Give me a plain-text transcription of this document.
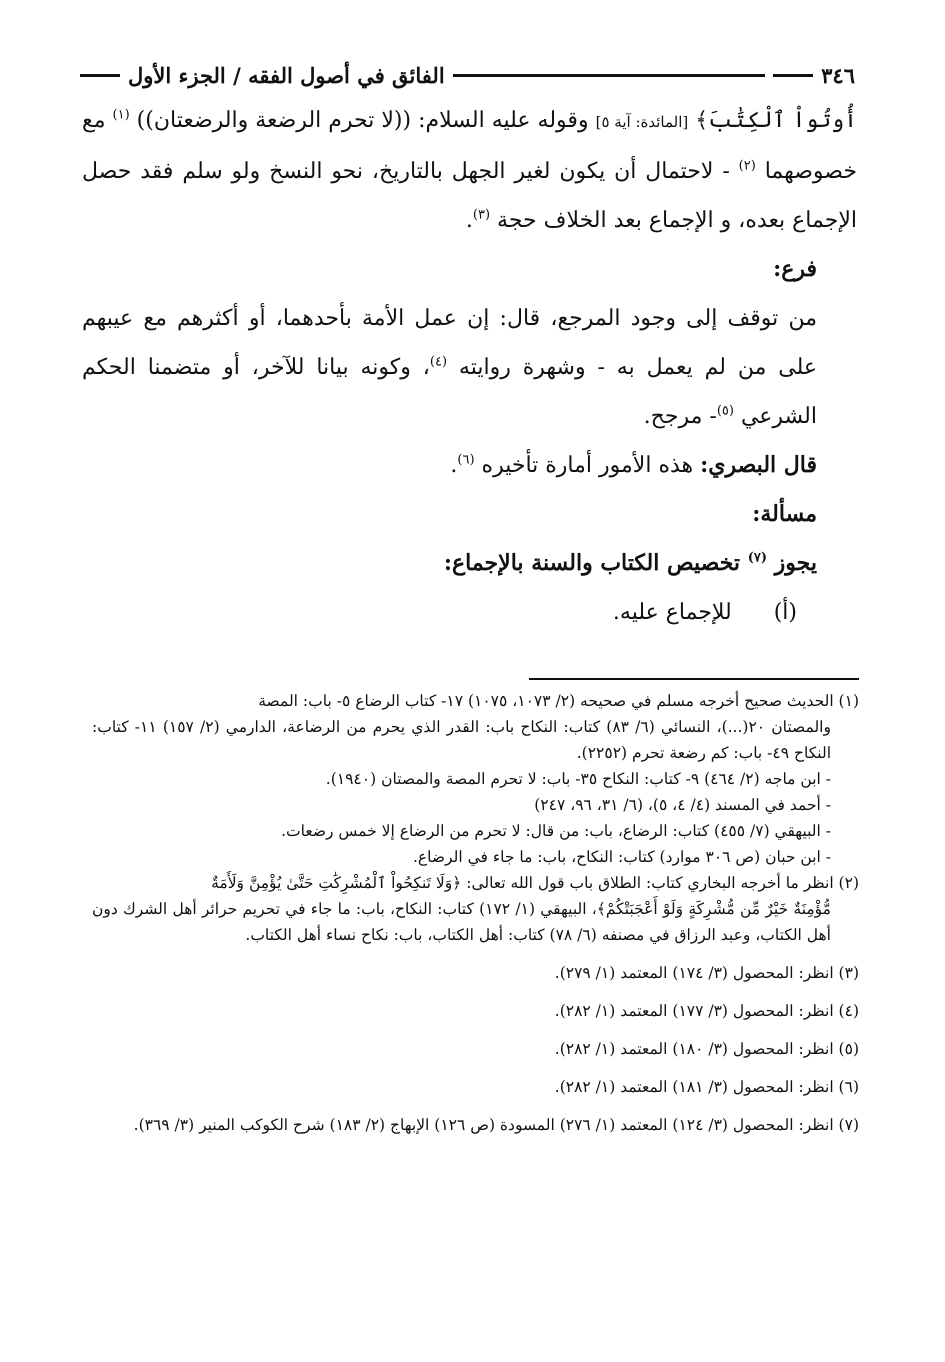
٣٤٦
الفائق في أصول الفقه / الجزء الأول

أُوتُواْ ٱلْكِتَٰبَ﴾ [المائدة: آية ٥] وقوله عليه السلام: ((لا تحرم الرضعة والرضعتان)) $^{(١)}$ مع خصوصهما $^{(٢)}$ - لاحتمال أن يكون لغير الجهل بالتاريخ، نحو النسخ ولو سلم فقد حصل الإجماع بعده، و الإجماع بعد الخلاف حجة $^{(٣)}$.

فرع:

من توقف إلى وجود المرجع، قال: إن عمل الأمة بأحدهما، أو أكثرهم مع عيبهم على من لم يعمل به - وشهرة روايته $^{(٤)}$، وكونه بيانا للآخر، أو متضمنا الحكم الشرعي $^{(٥)}$- مرجح.

قال البصري: هذه الأمور أمارة تأخيره $^{(٦)}$.

مسألة:

يجوز $^{(٧)}$ تخصيص الكتاب والسنة بالإجماع:

(أ)  للإجماع عليه.

(١) الحديث صحيح أخرجه مسلم في صحيحه (٢/ ١٠٧٣، ١٠٧٥) ١٧- كتاب الرضاع ٥- باب: المصة

والمصتان ٢٠(...)، النسائي (٦/ ٨٣) كتاب: النكاح باب: القدر الذي يحرم من الرضاعة، الدارمي (٢/ ١٥٧) ١١- كتاب: النكاح ٤٩- باب: كم رضعة تحرم (٢٢٥٢).

- ابن ماجه (٢/ ٤٦٤) ٩- كتاب: النكاح ٣٥- باب: لا تحرم المصة والمصتان (١٩٤٠).

- أحمد في المسند (٤/ ٤، ٥)، (٦/ ٣١، ٩٦، ٢٤٧)

- البيهقي (٧/ ٤٥٥) كتاب: الرضاع، باب: من قال: لا تحرم من الرضاع إلا خمس رضعات.

- ابن حبان (ص ٣٠٦ موارد) كتاب: النكاح، باب: ما جاء في الرضاع.

(٢) انظر ما أخرجه البخاري كتاب: الطلاق باب قول الله تعالى: ﴿وَلَا تَنكِحُواْ ٱلْمُشْرِكَٰتِ حَتَّىٰ يُؤْمِنَّ وَلَأَمَةٌ

مُّؤْمِنَةٌ خَيْرٌ مِّن مُّشْرِكَةٍ وَلَوْ أَعْجَبَتْكُمْ﴾، البيهقي (١/ ١٧٢) كتاب: النكاح، باب: ما جاء في تحريم حرائر أهل الشرك دون أهل الكتاب، وعبد الرزاق في مصنفه (٦/ ٧٨) كتاب: أهل الكتاب، باب: نكاح نساء أهل الكتاب.

(٣) انظر: المحصول (٣/ ١٧٤) المعتمد (١/ ٢٧٩).

(٤) انظر: المحصول (٣/ ١٧٧) المعتمد (١/ ٢٨٢).

(٥) انظر: المحصول (٣/ ١٨٠) المعتمد (١/ ٢٨٢).

(٦) انظر: المحصول (٣/ ١٨١) المعتمد (١/ ٢٨٢).

(٧) انظر: المحصول (٣/ ١٢٤) المعتمد (١/ ٢٧٦) المسودة (ص ١٢٦) الإبهاج (٢/ ١٨٣) شرح الكوكب المنير (٣/ ٣٦٩).
